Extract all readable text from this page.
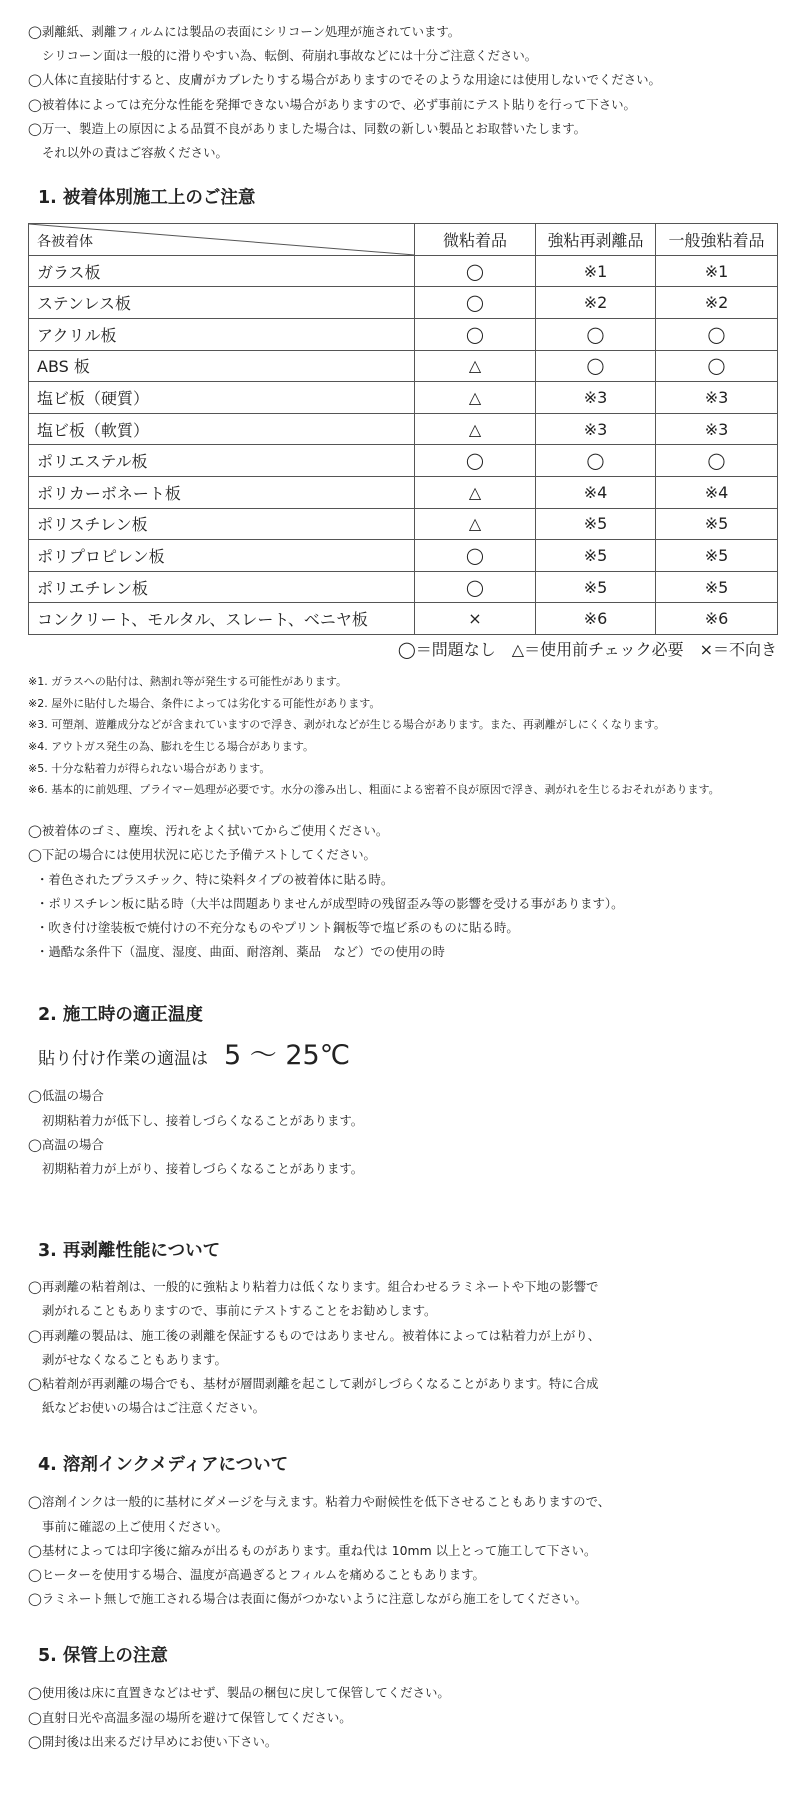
◯剥離紙、剥離フィルムには製品の表面にシリコーン処理が施されています。
シリコーン面は一般的に滑りやすい為、転倒、荷崩れ事故などには十分ご注意ください。
◯人体に直接貼付すると、皮膚がカブレたりする場合がありますのでそのような用途には使用しないでください。
◯被着体によっては充分な性能を発揮できない場合がありますので、必ず事前にテスト貼りを行って下さい。
◯万一、製造上の原因による品質不良がありました場合は、同数の新しい製品とお取替いたします。
それ以外の責はご容赦ください。
1. 被着体別施工上のご注意
各被着体	微粘着品	強粘再剥離品	一般強粘着品
ガラス板	◯	※1	※1
ステンレス板	◯	※2	※2
アクリル板	◯	◯	◯
ABS 板	△	◯	◯
塩ビ板（硬質）	△	※3	※3
塩ビ板（軟質）	△	※3	※3
ポリエステル板	◯	◯	◯
ポリカーボネート板	△	※4	※4
ポリスチレン板	△	※5	※5
ポリプロピレン板	◯	※5	※5
ポリエチレン板	◯	※5	※5
コンクリート、モルタル、スレート、ベニヤ板	×	※6	※6
◯＝問題なし　△＝使用前チェック必要　×＝不向き
※1. ガラスへの貼付は、熱割れ等が発生する可能性があります。
※2. 屋外に貼付した場合、条件によっては劣化する可能性があります。
※3. 可塑剤、遊離成分などが含まれていますので浮き、剥がれなどが生じる場合があります。また、再剥離がしにくくなります。
※4. アウトガス発生の為、膨れを生じる場合があります。
※5. 十分な粘着力が得られない場合があります。
※6. 基本的に前処理、プライマー処理が必要です。水分の滲み出し、粗面による密着不良が原因で浮き、剥がれを生じるおそれがあります。
◯被着体のゴミ、塵埃、汚れをよく拭いてからご使用ください。
◯下記の場合には使用状況に応じた予備テストしてください。
・着色されたプラスチック、特に染料タイプの被着体に貼る時。
・ポリスチレン板に貼る時（大半は問題ありませんが成型時の残留歪み等の影響を受ける事があります）。
・吹き付け塗装板で焼付けの不充分なものやプリント鋼板等で塩ビ系のものに貼る時。
・過酷な条件下（温度、湿度、曲面、耐溶剤、薬品　など）での使用の時
2. 施工時の適正温度
貼り付け作業の適温は 5 〜 25℃
◯低温の場合
初期粘着力が低下し、接着しづらくなることがあります。
◯高温の場合
初期粘着力が上がり、接着しづらくなることがあります。
3. 再剥離性能について
◯再剥離の粘着剤は、一般的に強粘より粘着力は低くなります。組合わせるラミネートや下地の影響で
剥がれることもありますので、事前にテストすることをお勧めします。
◯再剥離の製品は、施工後の剥離を保証するものではありません。被着体によっては粘着力が上がり、
剥がせなくなることもあります。
◯粘着剤が再剥離の場合でも、基材が層間剥離を起こして剥がしづらくなることがあります。特に合成
紙などお使いの場合はご注意ください。
4. 溶剤インクメディアについて
◯溶剤インクは一般的に基材にダメージを与えます。粘着力や耐候性を低下させることもありますので、
事前に確認の上ご使用ください。
◯基材によっては印字後に縮みが出るものがあります。重ね代は 10mm 以上とって施工して下さい。
◯ヒーターを使用する場合、温度が高過ぎるとフィルムを痛めることもあります。
◯ラミネート無しで施工される場合は表面に傷がつかないように注意しながら施工をしてください。
5. 保管上の注意
◯使用後は床に直置きなどはせず、製品の梱包に戻して保管してください。
◯直射日光や高温多湿の場所を避けて保管してください。
◯開封後は出来るだけ早めにお使い下さい。
